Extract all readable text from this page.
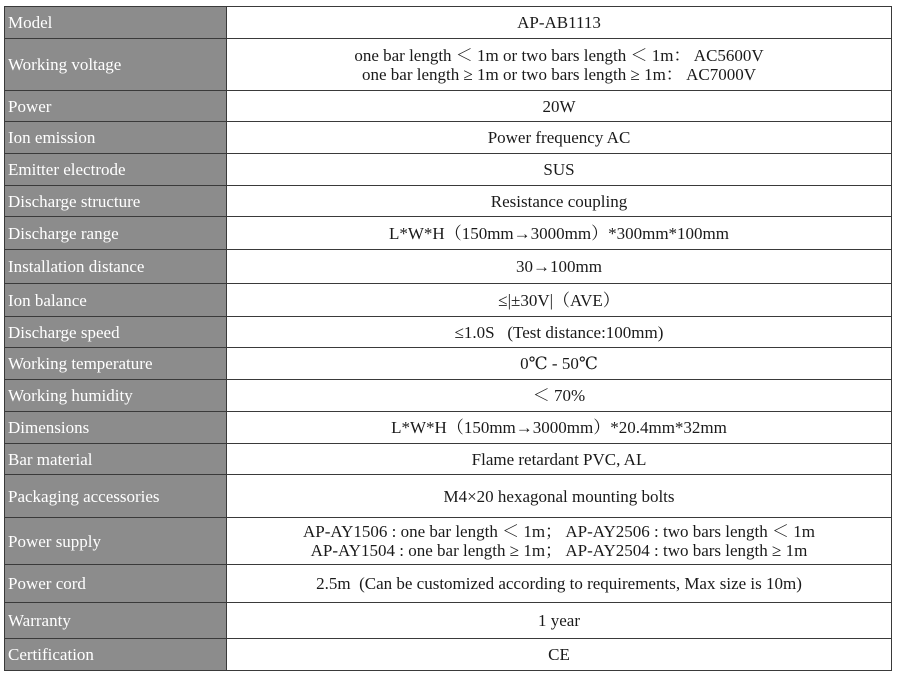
Model	AP-AB1113

Working voltage	one bar length ＜ 1m or two bars length ＜ 1m： AC5600V
one bar length ≥ 1m or two bars length ≥ 1m： AC7000V

Power	20W

Ion emission	Power frequency AC

Emitter electrode	SUS

Discharge structure	Resistance coupling

Discharge range	L*W*H（150mm→3000mm）*300mm*100mm

Installation distance	30→100mm

Ion balance	≤|±30V|（AVE）

Discharge speed	≤1.0S   (Test distance:100mm)

Working temperature	0℃ - 50℃

Working humidity	＜ 70%

Dimensions	L*W*H（150mm→3000mm）*20.4mm*32mm

Bar material	Flame retardant PVC, AL

Packaging accessories	M4×20 hexagonal mounting bolts

Power supply	AP-AY1506 : one bar length ＜ 1m； AP-AY2506 : two bars length ＜ 1m
AP-AY1504 : one bar length ≥ 1m； AP-AY2504 : two bars length ≥ 1m

Power cord	2.5m  (Can be customized according to requirements, Max size is 10m)

Warranty	1 year

Certification	CE
